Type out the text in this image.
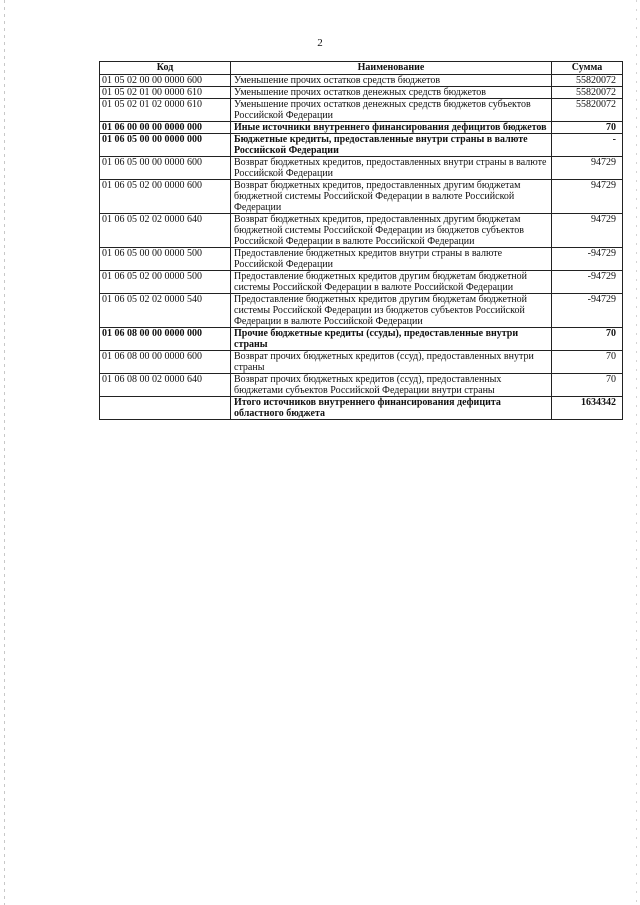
2
Код	Наименование	Сумма
01 05 02 00 00 0000 600	Уменьшение прочих остатков средств бюджетов	55820072
01 05 02 01 00 0000 610	Уменьшение прочих остатков денежных средств бюджетов	55820072
01 05 02 01 02 0000 610	Уменьшение прочих остатков денежных средств бюджетов субъектов Российской Федерации	55820072
01 06 00 00 00 0000 000	Иные источники внутреннего финансирования дефицитов бюджетов	70
01 06 05 00 00 0000 000	Бюджетные кредиты, предоставленные внутри страны в валюте Российской Федерации	-
01 06 05 00 00 0000 600	Возврат бюджетных кредитов, предоставленных внутри страны в валюте Российской Федерации	94729
01 06 05 02 00 0000 600	Возврат бюджетных кредитов, предоставленных другим бюджетам бюджетной системы Российской Федерации в валюте Российской Федерации	94729
01 06 05 02 02 0000 640	Возврат бюджетных кредитов, предоставленных другим бюджетам бюджетной системы Российской Федерации из бюджетов субъектов Российской Федерации в валюте Российской Федерации	94729
01 06 05 00 00 0000 500	Предоставление бюджетных кредитов внутри страны в валюте Российской Федерации	-94729
01 06 05 02 00 0000 500	Предоставление бюджетных кредитов другим бюджетам бюджетной системы Российской Федерации в валюте Российской Федерации	-94729
01 06 05 02 02 0000 540	Предоставление бюджетных кредитов другим бюджетам бюджетной системы Российской Федерации из бюджетов субъектов Российской Федерации в валюте Российской Федерации	-94729
01 06 08 00 00 0000 000	Прочие бюджетные кредиты (ссуды), предоставленные внутри страны	70
01 06 08 00 00 0000 600	Возврат прочих бюджетных кредитов (ссуд), предоставленных внутри страны	70
01 06 08 00 02 0000 640	Возврат прочих бюджетных кредитов (ссуд), предоставленных бюджетами субъектов Российской Федерации внутри страны	70
	Итого источников внутреннего финансирования дефицита областного бюджета	1634342
